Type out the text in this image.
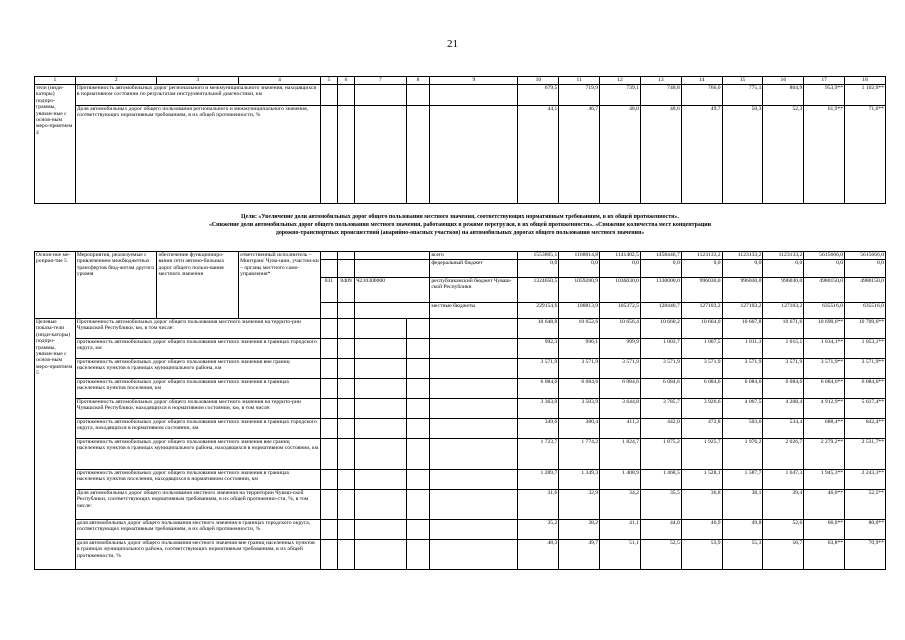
21
1	2	3	4	5	6	7	8	9	10	11	12	13	14	15	16	17	18
тели (инди-каторы) подпро-граммы, увязан-ные с основ-ным меро-приятием 4	Протяженность автомобильных дорог регионального и межмуниципального значения, находящихся в нормативном состоянии по результатам инструментальной диагностики, км								679,5	719,9	739,1	748,8	766,0	775,1	804,9	953,9**	1 102,9**
	Доля автомобильных дорог общего пользования регионального и межмуниципального значения, соответствующих нормативным требованиям, в их общей протяженности, %								44,1	46,7	48,0	48,6	49,7	50,3	52,3	61,9**	71,6**
Цели: «Увеличение доли автомобильных дорог общего пользования местного значения, соответствующих нормативным требованиям, в их общей протяженности».
«Снижение доли автомобильных дорог общего пользования местного значения, работающих в режиме перегрузки, в их общей протяженности». «Снижение количества мест концентрации
дорожно-транспортных происшествий (аварийно-опасных участков) на автомобильных дорогах общего пользования местного значения»
Основ-ное ме-роприя-тие 5	Мероприятия, реализуемые с привлечением межбюджетных трансфертов бюд-жетам другого уровня	обеспечение функциониро-вания сети автомо-бильных дорог общего пользо-вания местного значения	ответственный исполнитель – Минтранс Чува-шии, участни-ки – органы местного само-управления*					всего	1553805,1	1168014,8	1141402,5	1458446,7	1123133,2	1123133,2	1123133,2	5615666,0	5615666,0
								федеральный бюджет	0,0	0,0	0,0	0,0	0,0	0,0	0,0	0,0	0,0
				831	0409	Ч210300000		республиканский бюджет Чуваш-ской Республики	1324650,5	1059200,9	1036030,0	1330000,0	996030,0	996030,0	996030,0	4980150,0	4980150,0
								местные бюджеты	229154,6	108813,9	105372,5	128446,7	127103,2	127103,2	127103,2	635516,0	635516,0
Целевые показа-тели (инди-каторы) подпро-граммы, увязан-ные с основ-ным меро-приятием 5	Протяженность автомобильных дорог общего пользования местного значения на террито-рии Чувашской Республики, км, в том числе:								10 648,8	10 652,6	10 656,4	10 660,2	10 664,0	10 667,8	10 671,6	10 690,6**	10 709,6**
	протяженность автомобильных дорог общего пользования местного значения в границах городского округа, км								992,3	996,1	999,9	1 003,7	1 007,5	1 011,3	1 015,1	1 034,1**	1 053,1**
	протяженность автомобильных дорог общего пользования местного значения вне границ населенных пунктов в границах муниципального района, км								3 571,9	3 571,9	3 571,9	3 571,9	3 571,9	3 571,9	3 571,9	3 571,9**	3 571,9**
	протяженность автомобильных дорог общего пользования местного значения в границах населенных пунктов поселения, км								6 084,6	6 084,6	6 084,6	6 084,6	6 084,6	6 084,6	6 084,6	6 084,6**	6 084,6**
	Протяженность автомобильных дорог общего пользования местного значения на террито-рии Чувашской Республики, находящихся в нормативном состоянии, км, в том числе:								3 363,0	3 503,9	3 644,8	3 785,7	3 926,6	4 067,5	4 208,4	4 912,9**	5 617,4**
	протяженность автомобильных дорог общего пользования местного значения в границах городского округа, находящихся в нормативном состоянии, км								349,6	380,4	411,2	442,0	472,8	503,6	534,4	688,4**	842,4**
	протяженность автомобильных дорог общего пользования местного значения вне границ населенных пунктов в границах муниципального района, находящихся в нормативном состоянии, км								1 723,7	1 774,2	1 824,7	1 875,2	1 925,7	1 976,2	2 026,7	2 279,2**	2 531,7**
	протяженность автомобильных дорог общего пользования местного значения в границах населенных пунктов поселения, находящихся в нормативном состоянии, км								1 289,7	1 349,3	1 408,9	1 468,5	1 528,1	1 587,7	1 647,3	1 945,3**	2 243,3**
	Доля автомобильных дорог общего пользования местного значения на территории Чуваш-ской Республики, соответствующих нормативным требованиям, в их общей протяженно-сти, %, в том числе:								31,6	32,9	34,2	35,5	36,8	38,1	39,4	46,0**	52,5**
	доля автомобильных дорог общего пользования местного значения в границах городского округа, соответствующих нормативным требованиям, в их общей протяженности, %								35,2	38,2	41,1	44,0	46,9	49,8	52,6	66,6**	80,0**
	доля автомобильных дорог общего пользования местного значения вне границ населенных пунктов в границах муниципального района, соответствующих нормативным требованиям, в их общей протяженности, %								48,3	49,7	51,1	52,5	53,9	55,3	56,7	63,8**	70,9**
